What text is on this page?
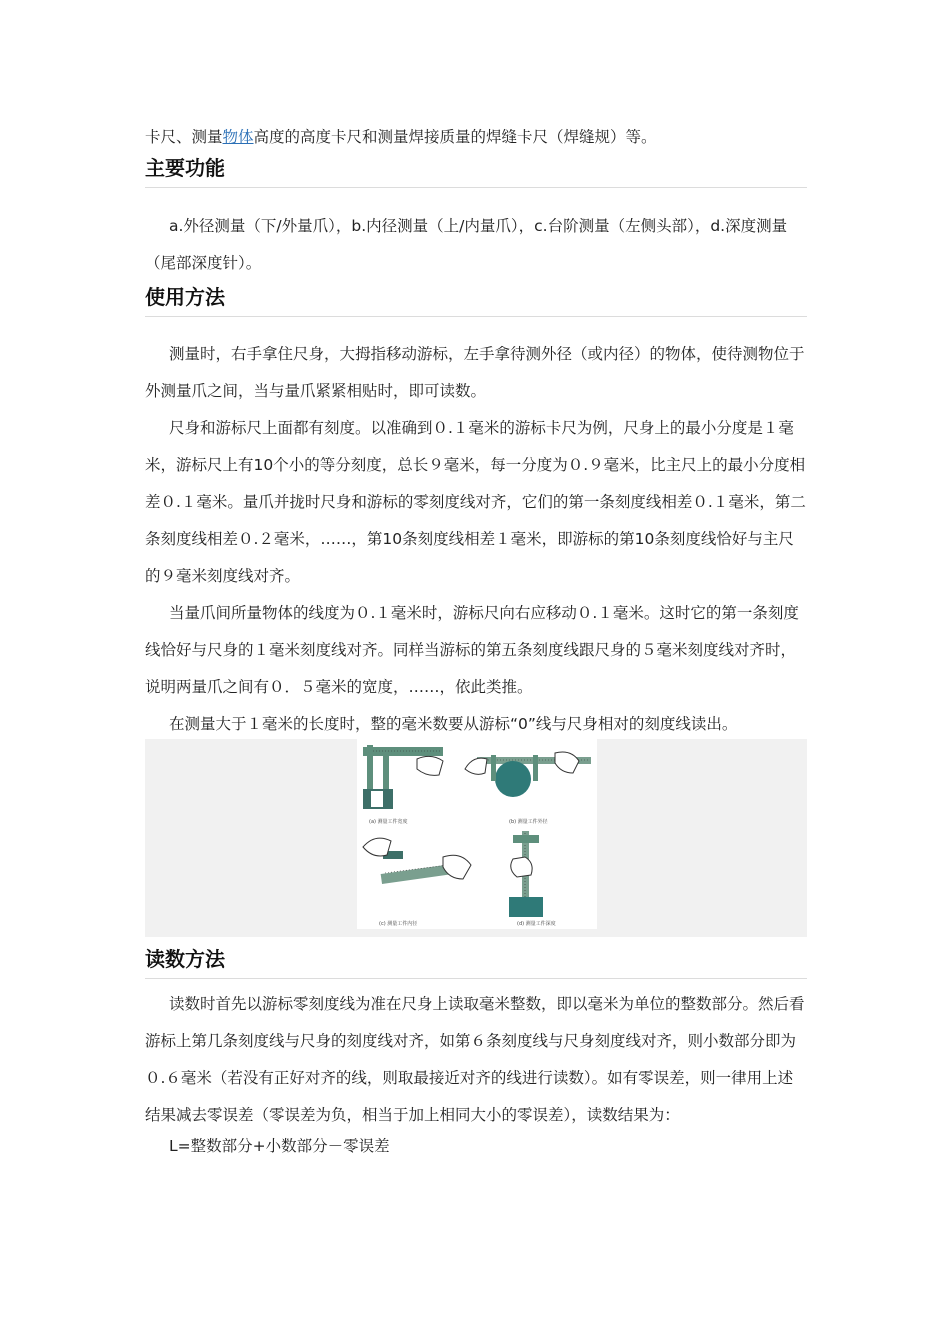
卡尺、测量物体高度的高度卡尺和测量焊接质量的焊缝卡尺（焊缝规）等。

主要功能

a.外径测量（下/外量爪），b.内径测量（上/内量爪），c.台阶测量（左侧头部），d.深度测量（尾部深度针）。

使用方法

测量时，右手拿住尺身，大拇指移动游标，左手拿待测外径（或内径）的物体，使待测物位于外测量爪之间，当与量爪紧紧相贴时，即可读数。

尺身和游标尺上面都有刻度。以准确到０.１毫米的游标卡尺为例，尺身上的最小分度是１毫米，游标尺上有10个小的等分刻度，总长９毫米，每一分度为０.９毫米，比主尺上的最小分度相差０.１毫米。量爪并拢时尺身和游标的零刻度线对齐，它们的第一条刻度线相差０.１毫米，第二条刻度线相差０.２毫米，……，第10条刻度线相差１毫米，即游标的第10条刻度线恰好与主尺的９毫米刻度线对齐。

当量爪间所量物体的线度为０.１毫米时，游标尺向右应移动０.１毫米。这时它的第一条刻度线恰好与尺身的１毫米刻度线对齐。同样当游标的第五条刻度线跟尺身的５毫米刻度线对齐时，说明两量爪之间有０．５毫米的宽度，……，依此类推。

在测量大于１毫米的长度时，整的毫米数要从游标“0”线与尺身相对的刻度线读出。

(a) 测量工件宽度	(b) 测量工件外径
(c) 测量工件内径	(d) 测量工件深度
读数方法

读数时首先以游标零刻度线为准在尺身上读取毫米整数，即以毫米为单位的整数部分。然后看游标上第几条刻度线与尺身的刻度线对齐，如第６条刻度线与尺身刻度线对齐，则小数部分即为０.６毫米（若没有正好对齐的线，则取最接近对齐的线进行读数）。如有零误差，则一律用上述结果减去零误差（零误差为负，相当于加上相同大小的零误差），读数结果为：

L=整数部分+小数部分－零误差
